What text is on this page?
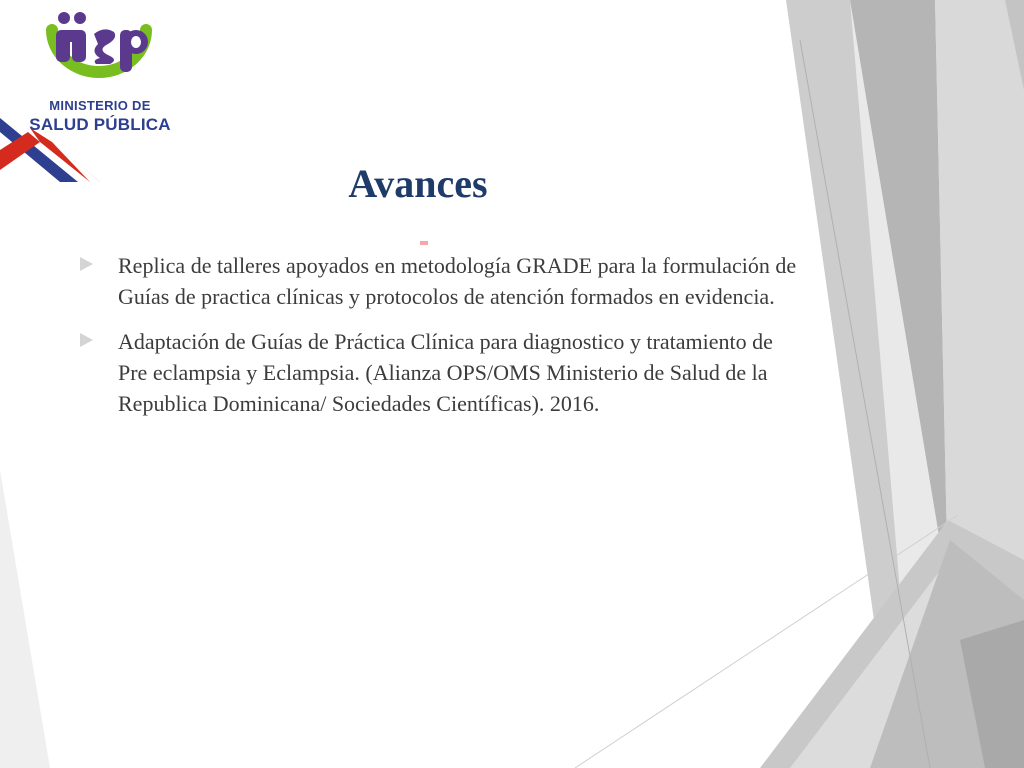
MINISTERIO DE
SALUD PÚBLICA
Avances
Replica de talleres apoyados en metodología GRADE para la formulación de Guías de practica clínicas y protocolos de atención formados en evidencia.
Adaptación de Guías de Práctica Clínica para diagnostico y tratamiento de Pre eclampsia y Eclampsia. (Alianza OPS/OMS Ministerio de Salud de la Republica Dominicana/ Sociedades Científicas). 2016.
